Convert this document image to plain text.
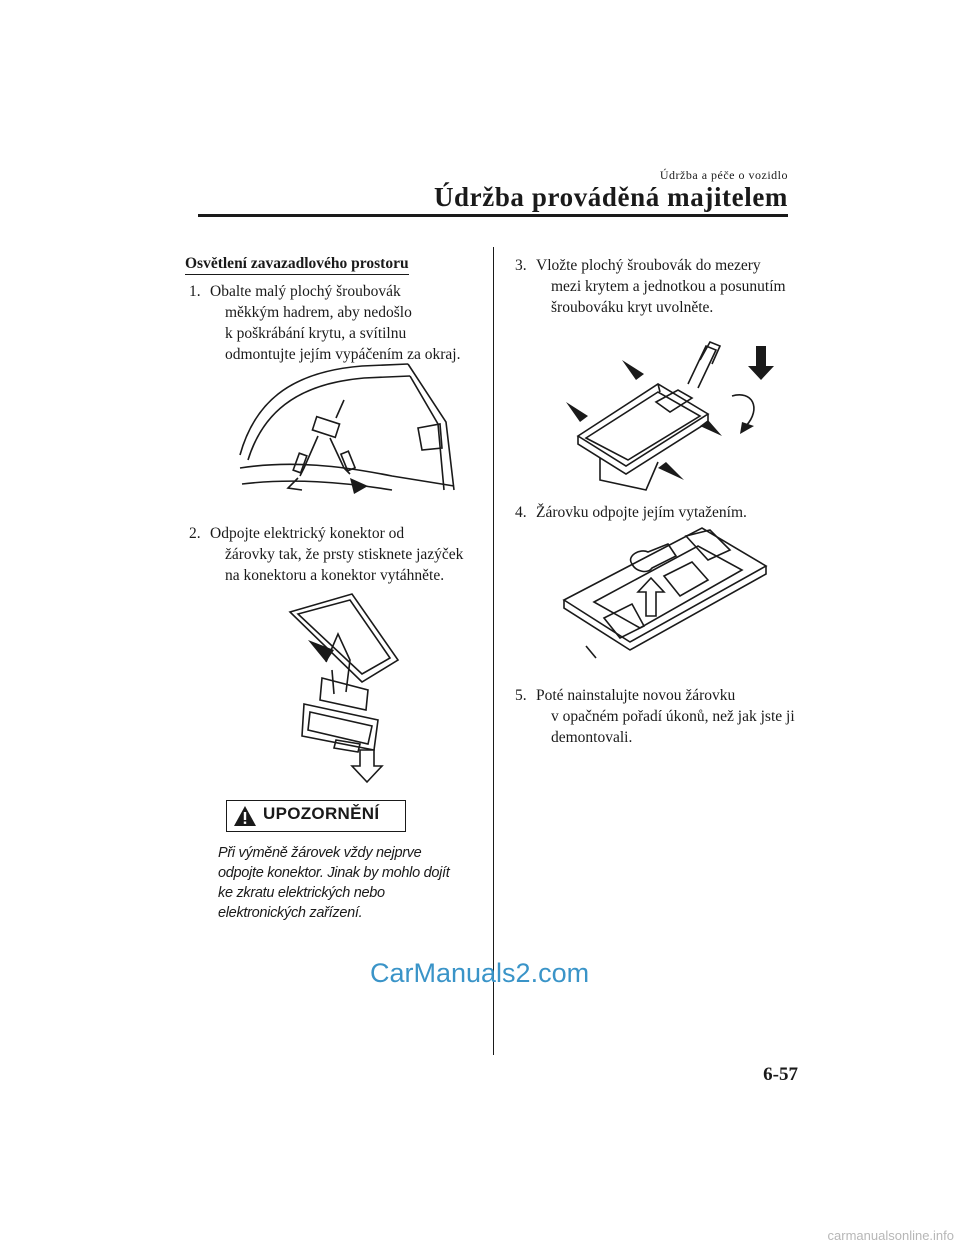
Údržba a péče o vozidlo
Údržba prováděná majitelem
Osvětlení zavazadlového prostoru
1. Obalte malý plochý šroubovák
měkkým hadrem, aby nedošlo
k poškrábání krytu, a svítilnu
odmontujte jejím vypáčením za okraj.
2. Odpojte elektrický konektor od
žárovky tak, že prsty stisknete jazýček
na konektoru a konektor vytáhněte.
UPOZORNĚNÍ
Při výměně žárovek vždy nejprve
odpojte konektor. Jinak by mohlo dojít
ke zkratu elektrických nebo
elektronických zařízení.
3. Vložte plochý šroubovák do mezery
mezi krytem a jednotkou a posunutím
šroubováku kryt uvolněte.
4. Žárovku odpojte jejím vytažením.
5. Poté nainstalujte novou žárovku
v opačném pořadí úkonů, než jak jste ji
demontovali.
CarManuals2.com
6-57
carmanualsonline.info
